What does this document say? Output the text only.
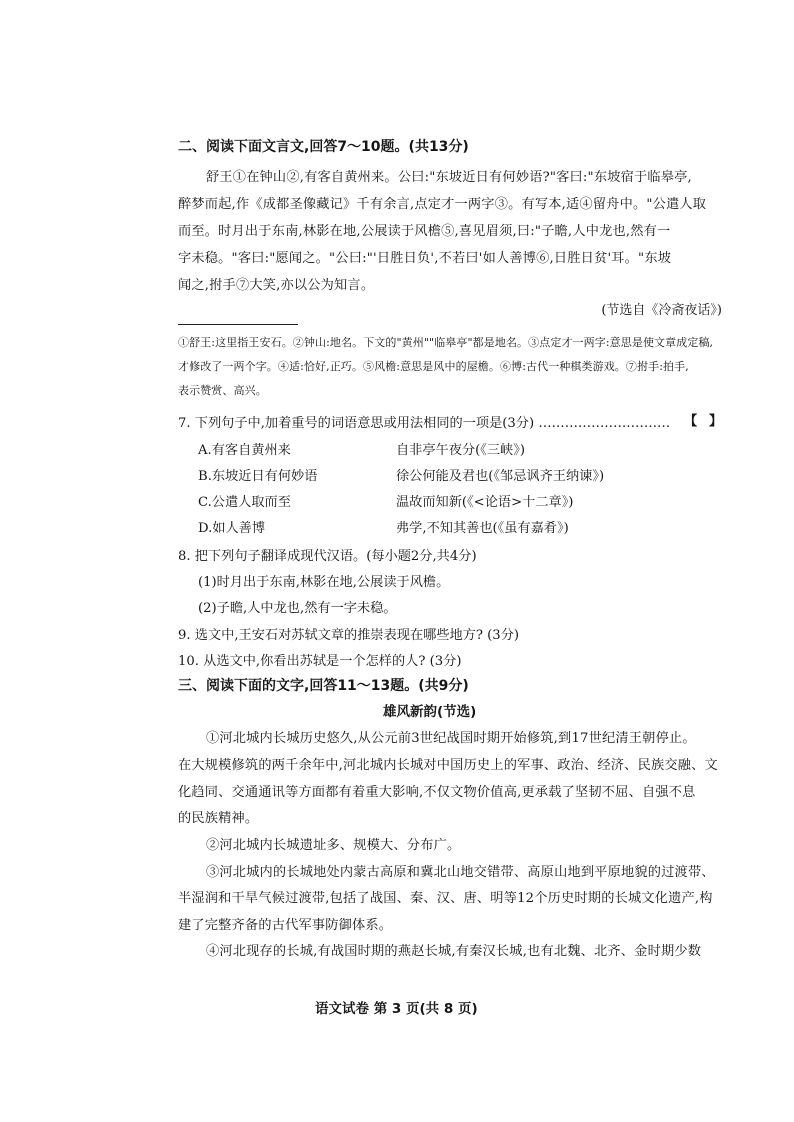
二、阅读下面文言文,回答7～10题。(共13分)
舒王①在钟山②,有客自黄州来。公曰:"东坡近日有何妙语?"客曰:"东坡宿于临皋亭,
醉梦而起,作《成都圣像藏记》千有余言,点定才一两字③。有写本,适④留舟中。"公遣人取
而至。时月出于东南,林影在地,公展读于风檐⑤,喜见眉须,曰:"子瞻,人中龙也,然有一
字未稳。"客曰:"愿闻之。"公曰:"'日胜日负',不若曰'如人善博⑥,日胜日贫'耳。"东坡
闻之,拊手⑦大笑,亦以公为知言。
(节选自《冷斋夜话》)
①舒王:这里指王安石。②钟山:地名。下文的"黄州""临皋亭"都是地名。③点定才一两字:意思是使文章成定稿,
才修改了一两个字。④适:恰好,正巧。⑤风檐:意思是风中的屋檐。⑥博:古代一种棋类游戏。⑦拊手:拍手,
表示赞赏、高兴。
7. 下列句子中,加着重号的词语意思或用法相同的一项是(3分) ………………………… 【 】
A.有客自黄州来	自非亭午夜分(《三峡》)
B.东坡近日有何妙语	徐公何能及君也(《邹忌讽齐王纳谏》)
C.公遣人取而至	温故而知新(《<论语>十二章》)
D.如人善博	弗学,不知其善也(《虽有嘉肴》)
8. 把下列句子翻译成现代汉语。(每小题2分,共4分)
(1)时月出于东南,林影在地,公展读于风檐。
(2)子瞻,人中龙也,然有一字未稳。
9. 选文中,王安石对苏轼文章的推崇表现在哪些地方? (3分)
10. 从选文中,你看出苏轼是一个怎样的人? (3分)
三、阅读下面的文字,回答11～13题。(共9分)
雄风新韵(节选)
①河北城内长城历史悠久,从公元前3世纪战国时期开始修筑,到17世纪清王朝停止。
在大规模修筑的两千余年中,河北城内长城对中国历史上的军事、政治、经济、民族交融、文
化趋同、交通通讯等方面都有着重大影响,不仅文物价值高,更承载了坚韧不屈、自强不息
的民族精神。
②河北城内长城遗址多、规模大、分布广。
③河北城内的长城地处内蒙古高原和冀北山地交错带、高原山地到平原地貌的过渡带、
半湿润和干旱气候过渡带,包括了战国、秦、汉、唐、明等12个历史时期的长城文化遗产,构
建了完整齐备的古代军事防御体系。
④河北现存的长城,有战国时期的燕赵长城,有秦汉长城,也有北魏、北齐、金时期少数
语文试卷 第 3 页(共 8 页)
